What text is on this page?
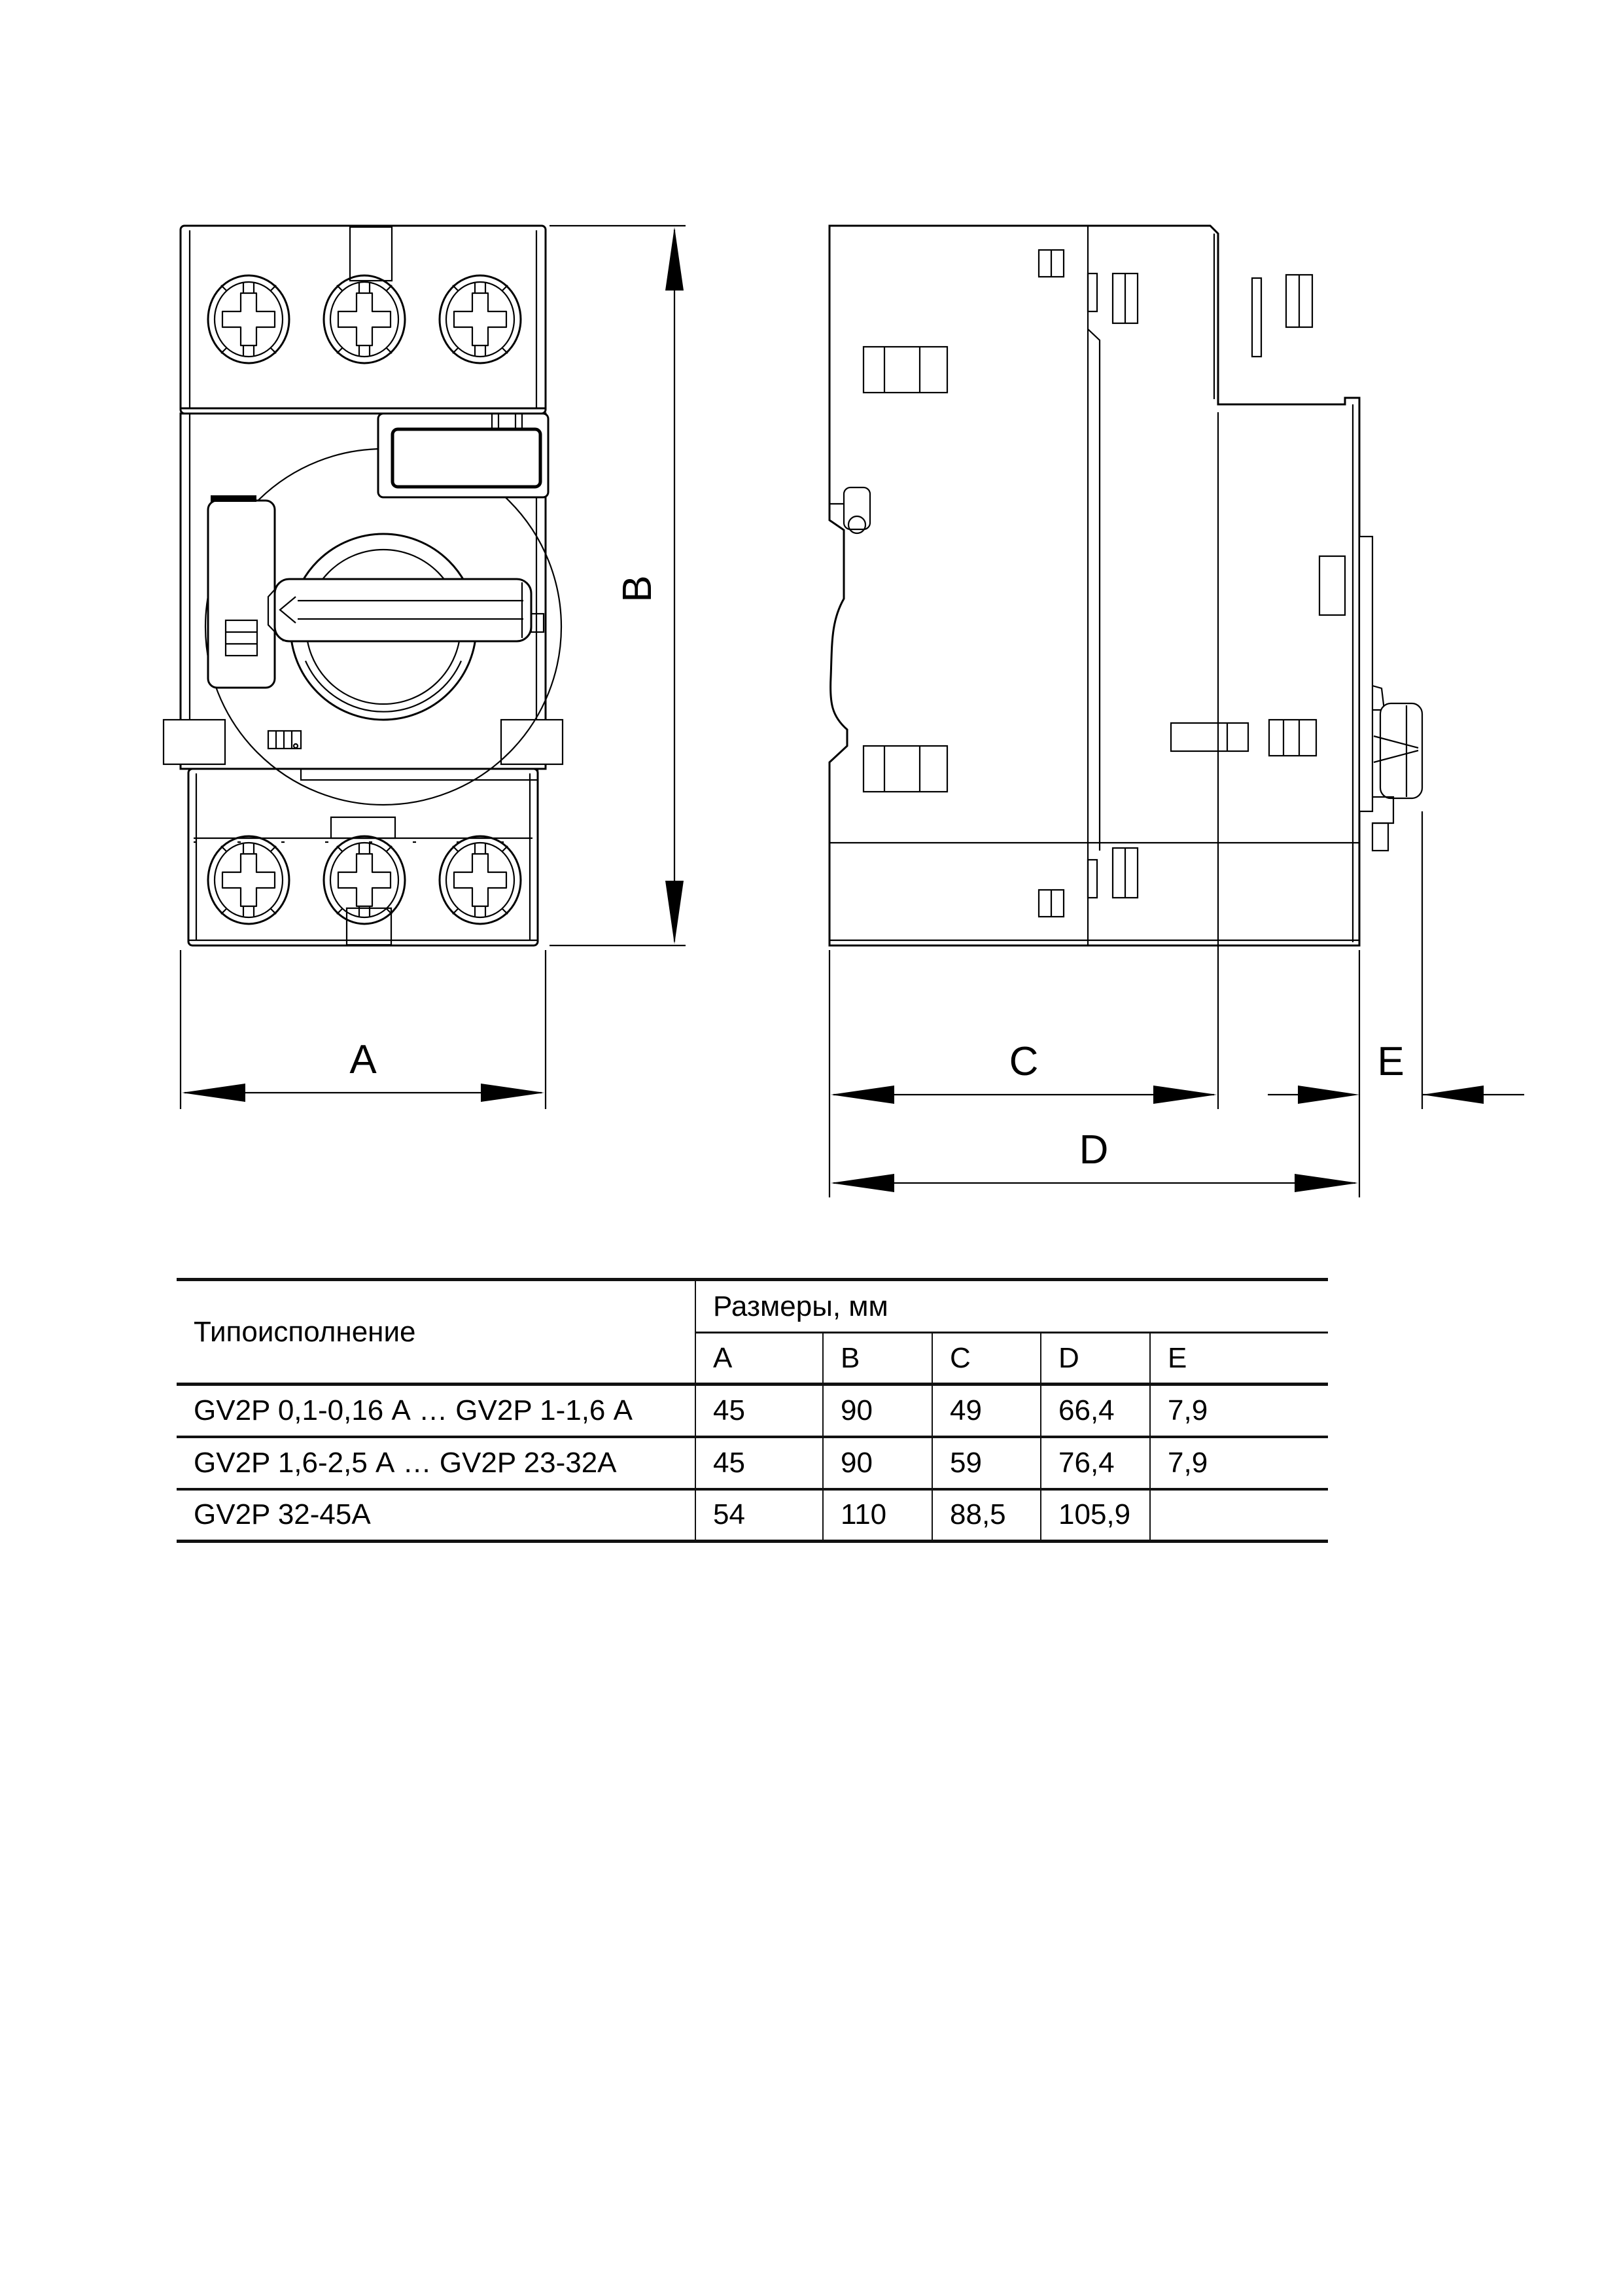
A
B
C
D
E
Типоисполнение	Размеры, мм				
	A	B	C	D	E
GV2P 0,1-0,16 А … GV2P 1-1,6 А	45	90	49	66,4	7,9
GV2P 1,6-2,5 А … GV2P 23-32А	45	90	59	76,4	7,9
GV2P 32-45А	54	110	88,5	105,9	
